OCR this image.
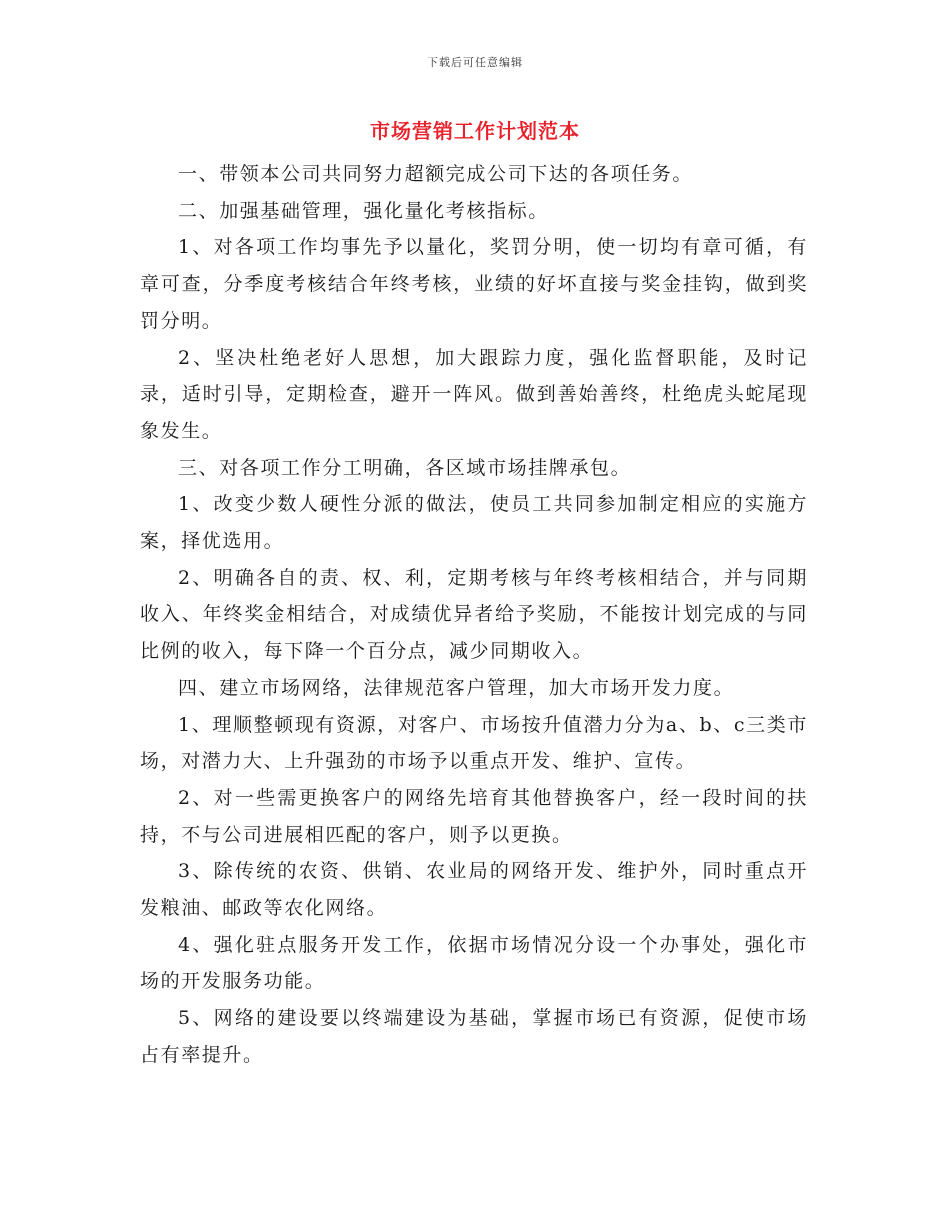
下载后可任意编辑
市场营销工作计划范本

一、带领本公司共同努力超额完成公司下达的各项任务。

二、加强基础管理，强化量化考核指标。

1、对各项工作均事先予以量化，奖罚分明，使一切均有章可循，有章可查，分季度考核结合年终考核，业绩的好坏直接与奖金挂钩，做到奖罚分明。

2、坚决杜绝老好人思想，加大跟踪力度，强化监督职能，及时记录，适时引导，定期检查，避开一阵风。做到善始善终，杜绝虎头蛇尾现象发生。

三、对各项工作分工明确，各区域市场挂牌承包。

1、改变少数人硬性分派的做法，使员工共同参加制定相应的实施方案，择优选用。

2、明确各自的责、权、利，定期考核与年终考核相结合，并与同期收入、年终奖金相结合，对成绩优异者给予奖励，不能按计划完成的与同比例的收入，每下降一个百分点，减少同期收入。

四、建立市场网络，法律规范客户管理，加大市场开发力度。

1、理顺整顿现有资源，对客户、市场按升值潜力分为a、b、c三类市场，对潜力大、上升强劲的市场予以重点开发、维护、宣传。

2、对一些需更换客户的网络先培育其他替换客户，经一段时间的扶持，不与公司进展相匹配的客户，则予以更换。

3、除传统的农资、供销、农业局的网络开发、维护外，同时重点开发粮油、邮政等农化网络。

4、强化驻点服务开发工作，依据市场情况分设一个办事处，强化市场的开发服务功能。

5、网络的建设要以终端建设为基础，掌握市场已有资源，促使市场占有率提升。
